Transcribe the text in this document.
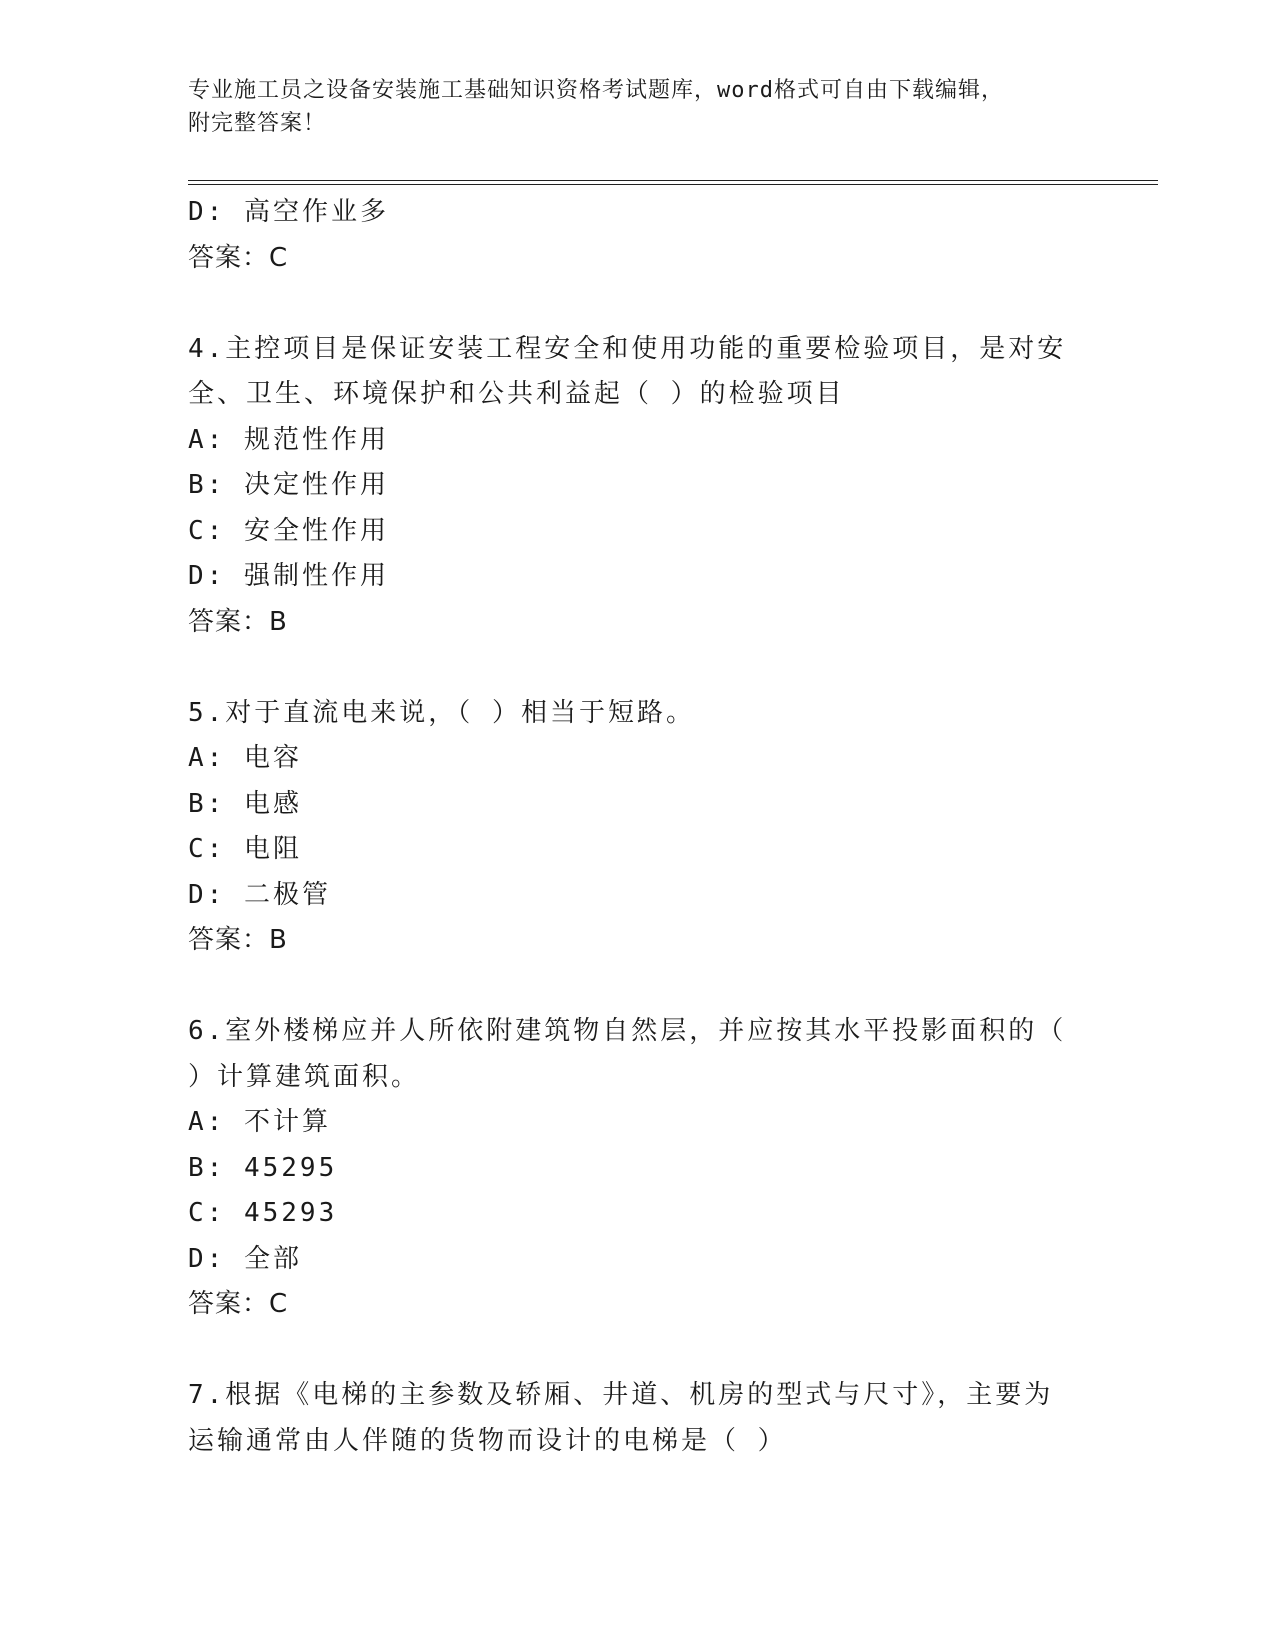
专业施工员之设备安装施工基础知识资格考试题库，word格式可自由下载编辑，
附完整答案！
D: 高空作业多
答案：C
4.主控项目是保证安装工程安全和使用功能的重要检验项目，是对安
全、卫生、环境保护和公共利益起（ ）的检验项目
A: 规范性作用
B: 决定性作用
C: 安全性作用
D: 强制性作用
答案：B
5.对于直流电来说，（ ）相当于短路。
A: 电容
B: 电感
C: 电阻
D: 二极管
答案：B
6.室外楼梯应并人所依附建筑物自然层，并应按其水平投影面积的（
）计算建筑面积。
A: 不计算
B: 45295
C: 45293
D: 全部
答案：C
7.根据《电梯的主参数及轿厢、井道、机房的型式与尺寸》，主要为
运输通常由人伴随的货物而设计的电梯是（ ）
